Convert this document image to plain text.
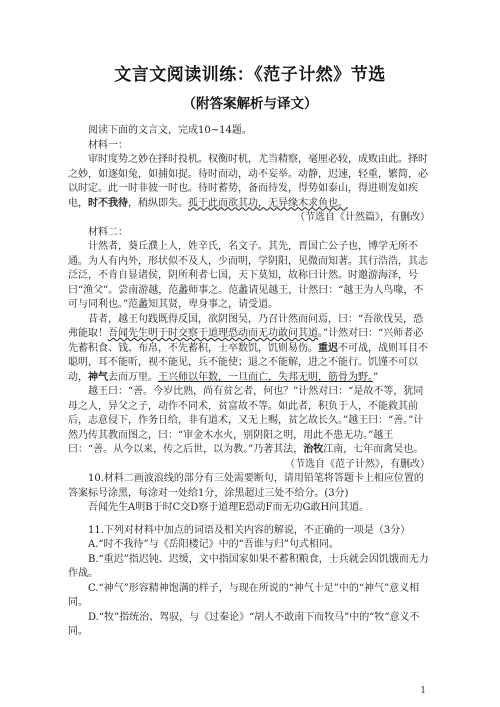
文言文阅读训练：《范子计然》节选
（附答案解析与译文）

阅读下面的文言文，完成10~14题。

材料一：

审时度势之妙在择时投机。权衡时机，尤当精察，毫厘必较，成败由此。择时之妙，如逐如兔，如捕如捉。待时而动，动不妄举。动静，迟速，轻重，繁简，必以时定。此一时非彼一时也。待时蓄势，备而待发，得势如泰山，得进则发如疾电，时不我待，稍纵即失。孤于此而欲其功，无异缘木求鱼也。

（节选自《计然篇》，有删改）

材料二：

计然者，葵丘濮上人，姓辛氏，名文子。其先，晋国亡公子也，博学无所不通。为人有内外，形状似不及人，少而明，学阴阳，见微而知著。其行浩浩，其志泛泛，不肯自显诸侯，阴所利者七国，天下莫知，故称曰计然。时邀游海泽，号曰“渔父”。尝南游越，范蠡师事之。范蠡请见越王，计然曰：“越王为人鸟喙，不可与同利也。”范蠡知其贤，卑身事之，请受道。

昔者，越王句践既得反国，欲阴图吴，乃召计然而问焉，曰：“吾欲伐吴，恐弗能取！吾闻先生明于时交察于道理恐动而无功敢问其道。”计然对曰：“兴师者必先蓄积食、钱、布帛，不先蓄积，士卒数饥，饥则易伤。重迟不可战，战则耳目不聪明，耳不能听，视不能见，兵不能使；退之不能解，进之不能行。饥馑不可以动，神气去而万里。王兴师以年数，一旦而亡，失邦无明，筋骨为野。”

越王曰：“善。今岁比熟，尚有贫乞者，何也？”计然对曰：“是故不等，犹同母之人，异父之子，动作不同术，贫富故不等。如此者，积负于人，不能救其前后，志意侵下，作务日给，非有道术，又无上赐，贫乞故长久。”越王曰：“善。”计然乃传其教而图之，曰：“审金木水火，别阴阳之明，用此不患无功。”越王曰：“善。从今以来，传之后世，以为教。”乃著其法，治牧江南，七年而禽吴也。

（节选自《范子计然》，有删改）

10.材料二画波浪线的部分有三处需要断句，请用铅笔将答题卡上相应位置的答案标号涂黑，每涂对一处给1分，涂黑超过三处不给分。(3分)

吾闻先生A明B于时C交D察于道理E恐动F而无功G敢H问其道。

11.下列对材料中加点的词语及相关内容的解说，不正确的一项是（3分）

A.“时不我待”与《岳阳楼记》中的“吾谁与归”句式相同。

B.“重迟”指迟钝、迟缓，文中指国家如果不蓄积粮食，士兵就会因饥饿而无力作战。

C.“神气”形容精神饱满的样子，与现在所说的“神气十足”中的“神气”意义相同。

D.“牧”指统治、驾驭，与《过秦论》“胡人不敢南下而牧马”中的“牧”意义不同。

1
